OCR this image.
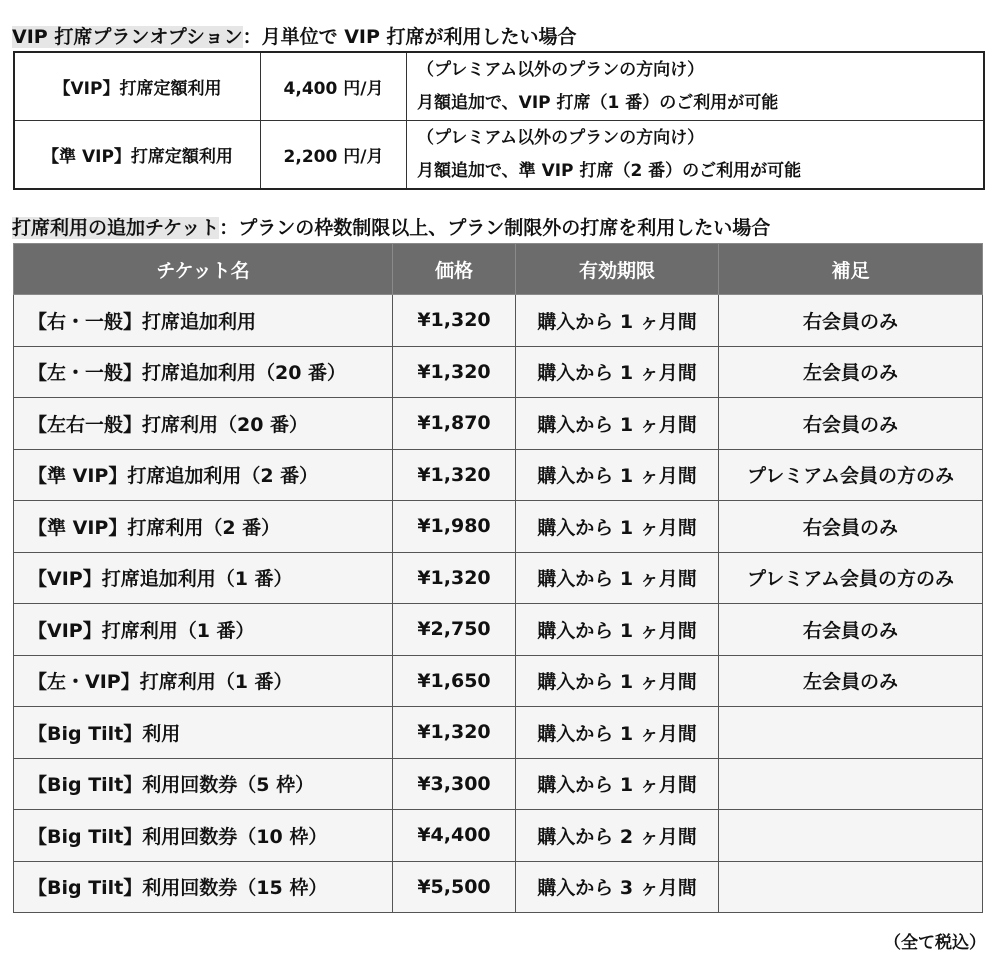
VIP 打席プランオプション：月単位で VIP 打席が利用したい場合
【VIP】打席定額利用	4,400 円/月	（プレミアム以外のプランの方向け）
月額追加で、VIP 打席（1 番）のご利用が可能

【準 VIP】打席定額利用	2,200 円/月	（プレミアム以外のプランの方向け）
月額追加で、準 VIP 打席（2 番）のご利用が可能
打席利用の追加チケット：プランの枠数制限以上、プラン制限外の打席を利用したい場合
チケット名	価格	有効期限	補足
【右・一般】打席追加利用	¥1,320	購入から 1 ヶ月間	右会員のみ
【左・一般】打席追加利用（20 番）	¥1,320	購入から 1 ヶ月間	左会員のみ
【左右一般】打席利用（20 番）	¥1,870	購入から 1 ヶ月間	右会員のみ
【準 VIP】打席追加利用（2 番）	¥1,320	購入から 1 ヶ月間	プレミアム会員の方のみ
【準 VIP】打席利用（2 番）	¥1,980	購入から 1 ヶ月間	右会員のみ
【VIP】打席追加利用（1 番）	¥1,320	購入から 1 ヶ月間	プレミアム会員の方のみ
【VIP】打席利用（1 番）	¥2,750	購入から 1 ヶ月間	右会員のみ
【左・VIP】打席利用（1 番）	¥1,650	購入から 1 ヶ月間	左会員のみ
【Big Tilt】利用	¥1,320	購入から 1 ヶ月間	
【Big Tilt】利用回数券（5 枠）	¥3,300	購入から 1 ヶ月間	
【Big Tilt】利用回数券（10 枠）	¥4,400	購入から 2 ヶ月間	
【Big Tilt】利用回数券（15 枠）	¥5,500	購入から 3 ヶ月間	
（全て税込）
